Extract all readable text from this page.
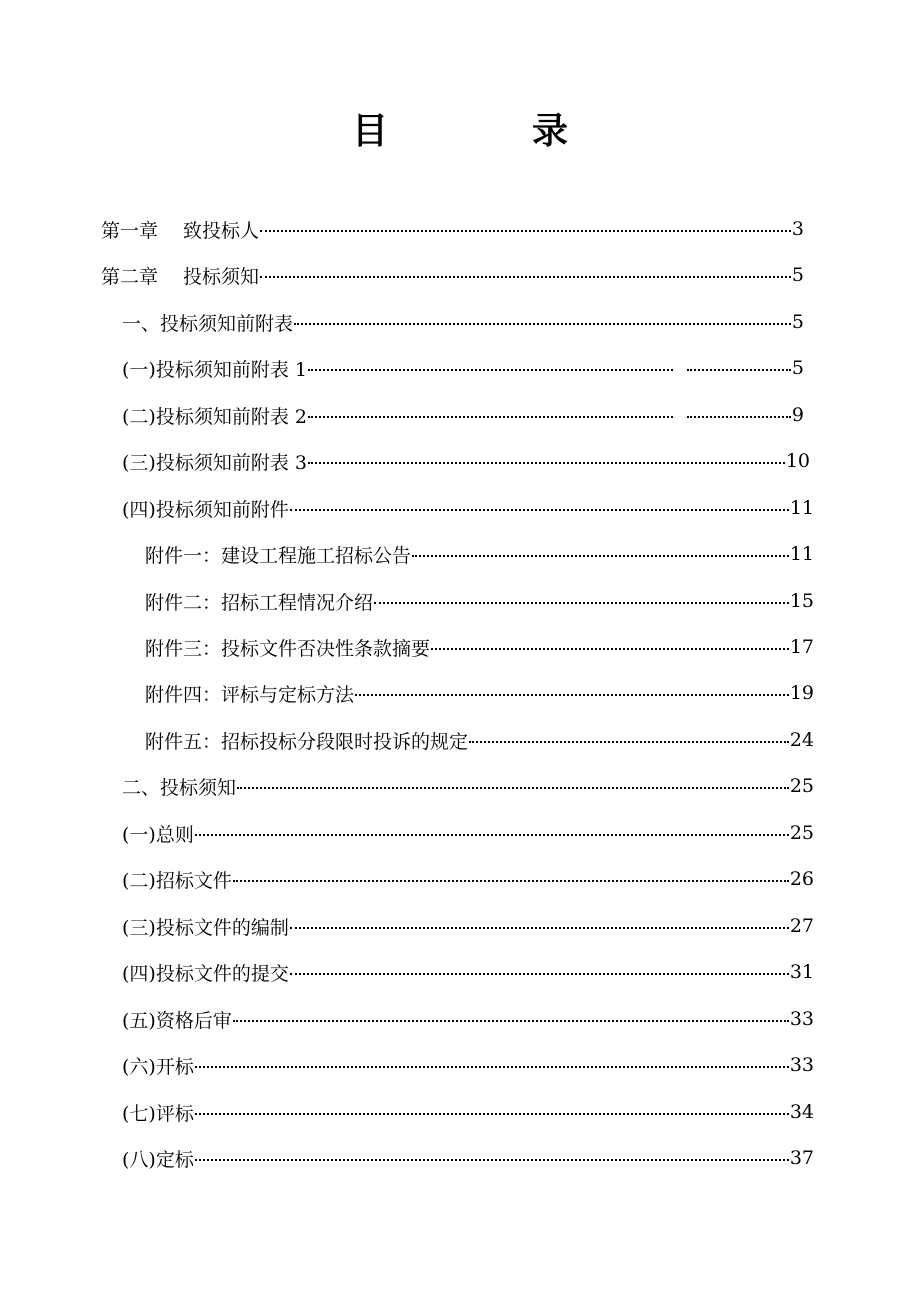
目　录
第一章　 致投标人	3
第二章　 投标须知	5
一、投标须知前附表	5
(一)投标须知前附表 1	5
(二)投标须知前附表 2	9
(三)投标须知前附表 3	10
(四)投标须知前附件	11
附件一：建设工程施工招标公告	11
附件二：招标工程情况介绍	15
附件三：投标文件否决性条款摘要	17
附件四：评标与定标方法	19
附件五：招标投标分段限时投诉的规定	24
二、投标须知	25
(一)总则	25
(二)招标文件	26
(三)投标文件的编制	27
(四)投标文件的提交	31
(五)资格后审	33
(六)开标	33
(七)评标	34
(八)定标	37
